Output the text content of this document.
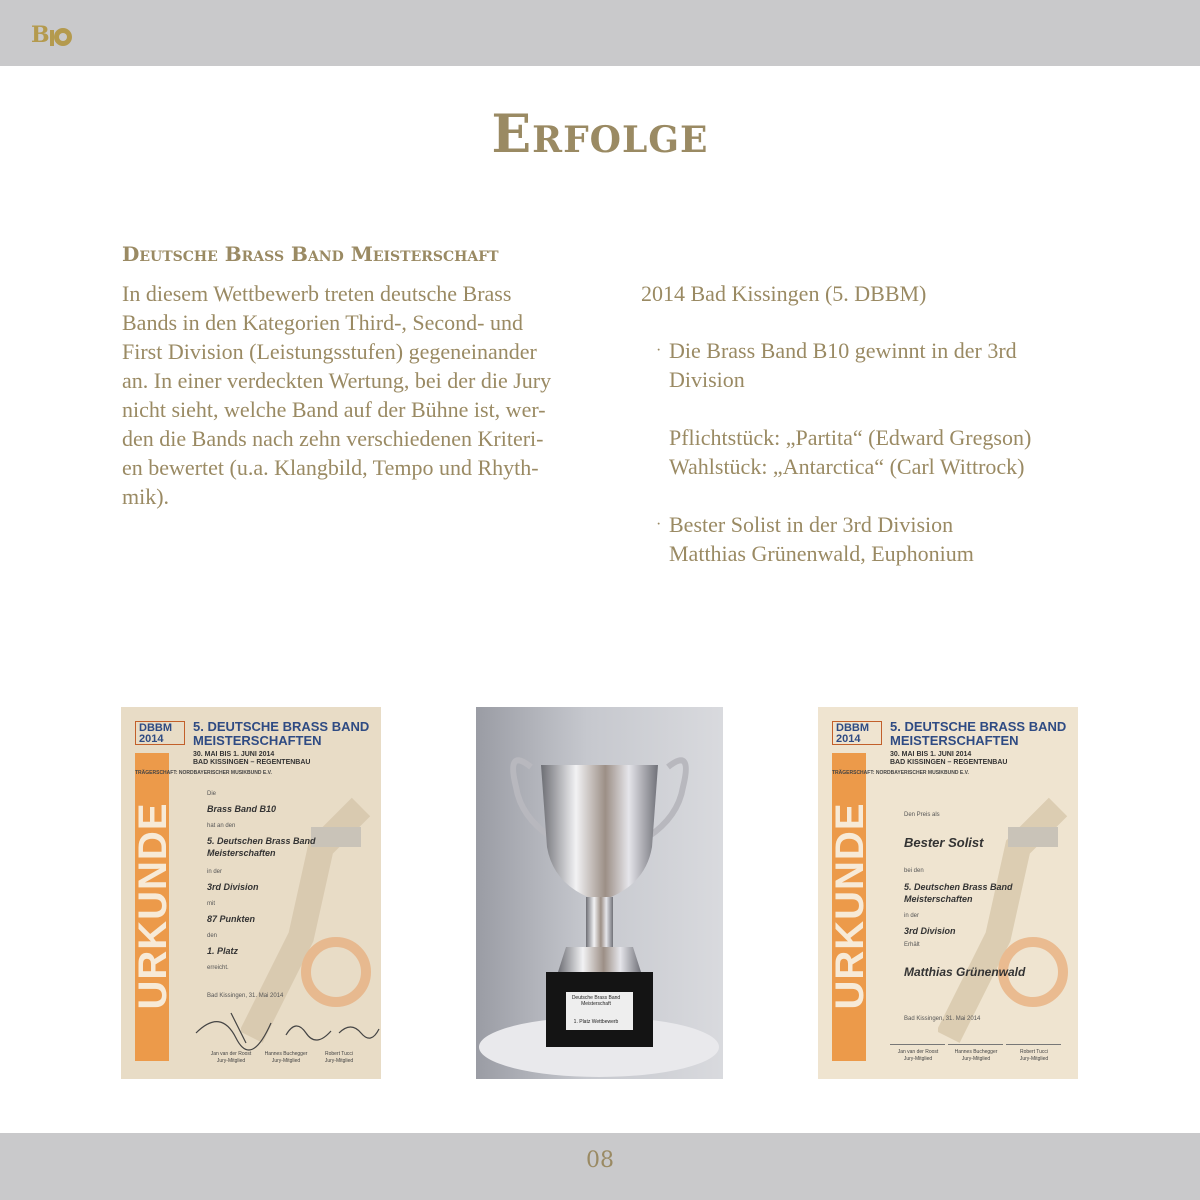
B
Erfolge
Deutsche Brass Band Meisterschaft
In diesem Wettbewerb treten deutsche Brass
Bands in den Kategorien Third-, Second- und
First Division (Leistungsstufen) gegeneinander
an. In einer verdeckten Wertung, bei der die Jury
nicht sieht, welche Band auf der Bühne ist, wer-
den die Bands nach zehn verschiedenen Kriteri-
en bewertet (u.a. Klangbild, Tempo und Rhyth-
mik).
2014 Bad Kissingen (5. DBBM)
· Die Brass Band B10 gewinnt in der 3rd
Division
Pflichtstück: „Partita“ (Edward Gregson)
Wahlstück: „Antarctica“ (Carl Wittrock)
· Bester Solist in der 3rd Division
Matthias Grünenwald, Euphonium
URKUNDE
DBBM 2014
5. DEUTSCHE BRASS BAND MEISTERSCHAFTEN
30. MAI BIS 1. JUNI 2014
BAD KISSINGEN – REGENTENBAU
TRÄGERSCHAFT: NORDBAYERISCHER MUSIKBUND E.V.
Die
Brass Band B10
hat an den
5. Deutschen Brass Band
Meisterschaften
in der
3rd Division
mit
87 Punkten
den
1. Platz
erreicht.
Bad Kissingen, 31. Mai 2014
Jan van der Roost	Hannes Buchegger	Robert Tucci
Jury-Mitglied	Jury-Mitglied	Jury-Mitglied
Deutsche Brass Band
Meisterschaft
1. Platz Wettbewerb
URKUNDE
DBBM 2014
5. DEUTSCHE BRASS BAND MEISTERSCHAFTEN
30. MAI BIS 1. JUNI 2014
BAD KISSINGEN – REGENTENBAU
TRÄGERSCHAFT: NORDBAYERISCHER MUSIKBUND E.V.
Den Preis als
Bester Solist
bei den
5. Deutschen Brass Band
Meisterschaften
in der
3rd Division
Erhält
Matthias Grünenwald
Bad Kissingen, 31. Mai 2014
Jan van der Roost	Hannes Buchegger	Robert Tucci
Jury-Mitglied	Jury-Mitglied	Jury-Mitglied
08
